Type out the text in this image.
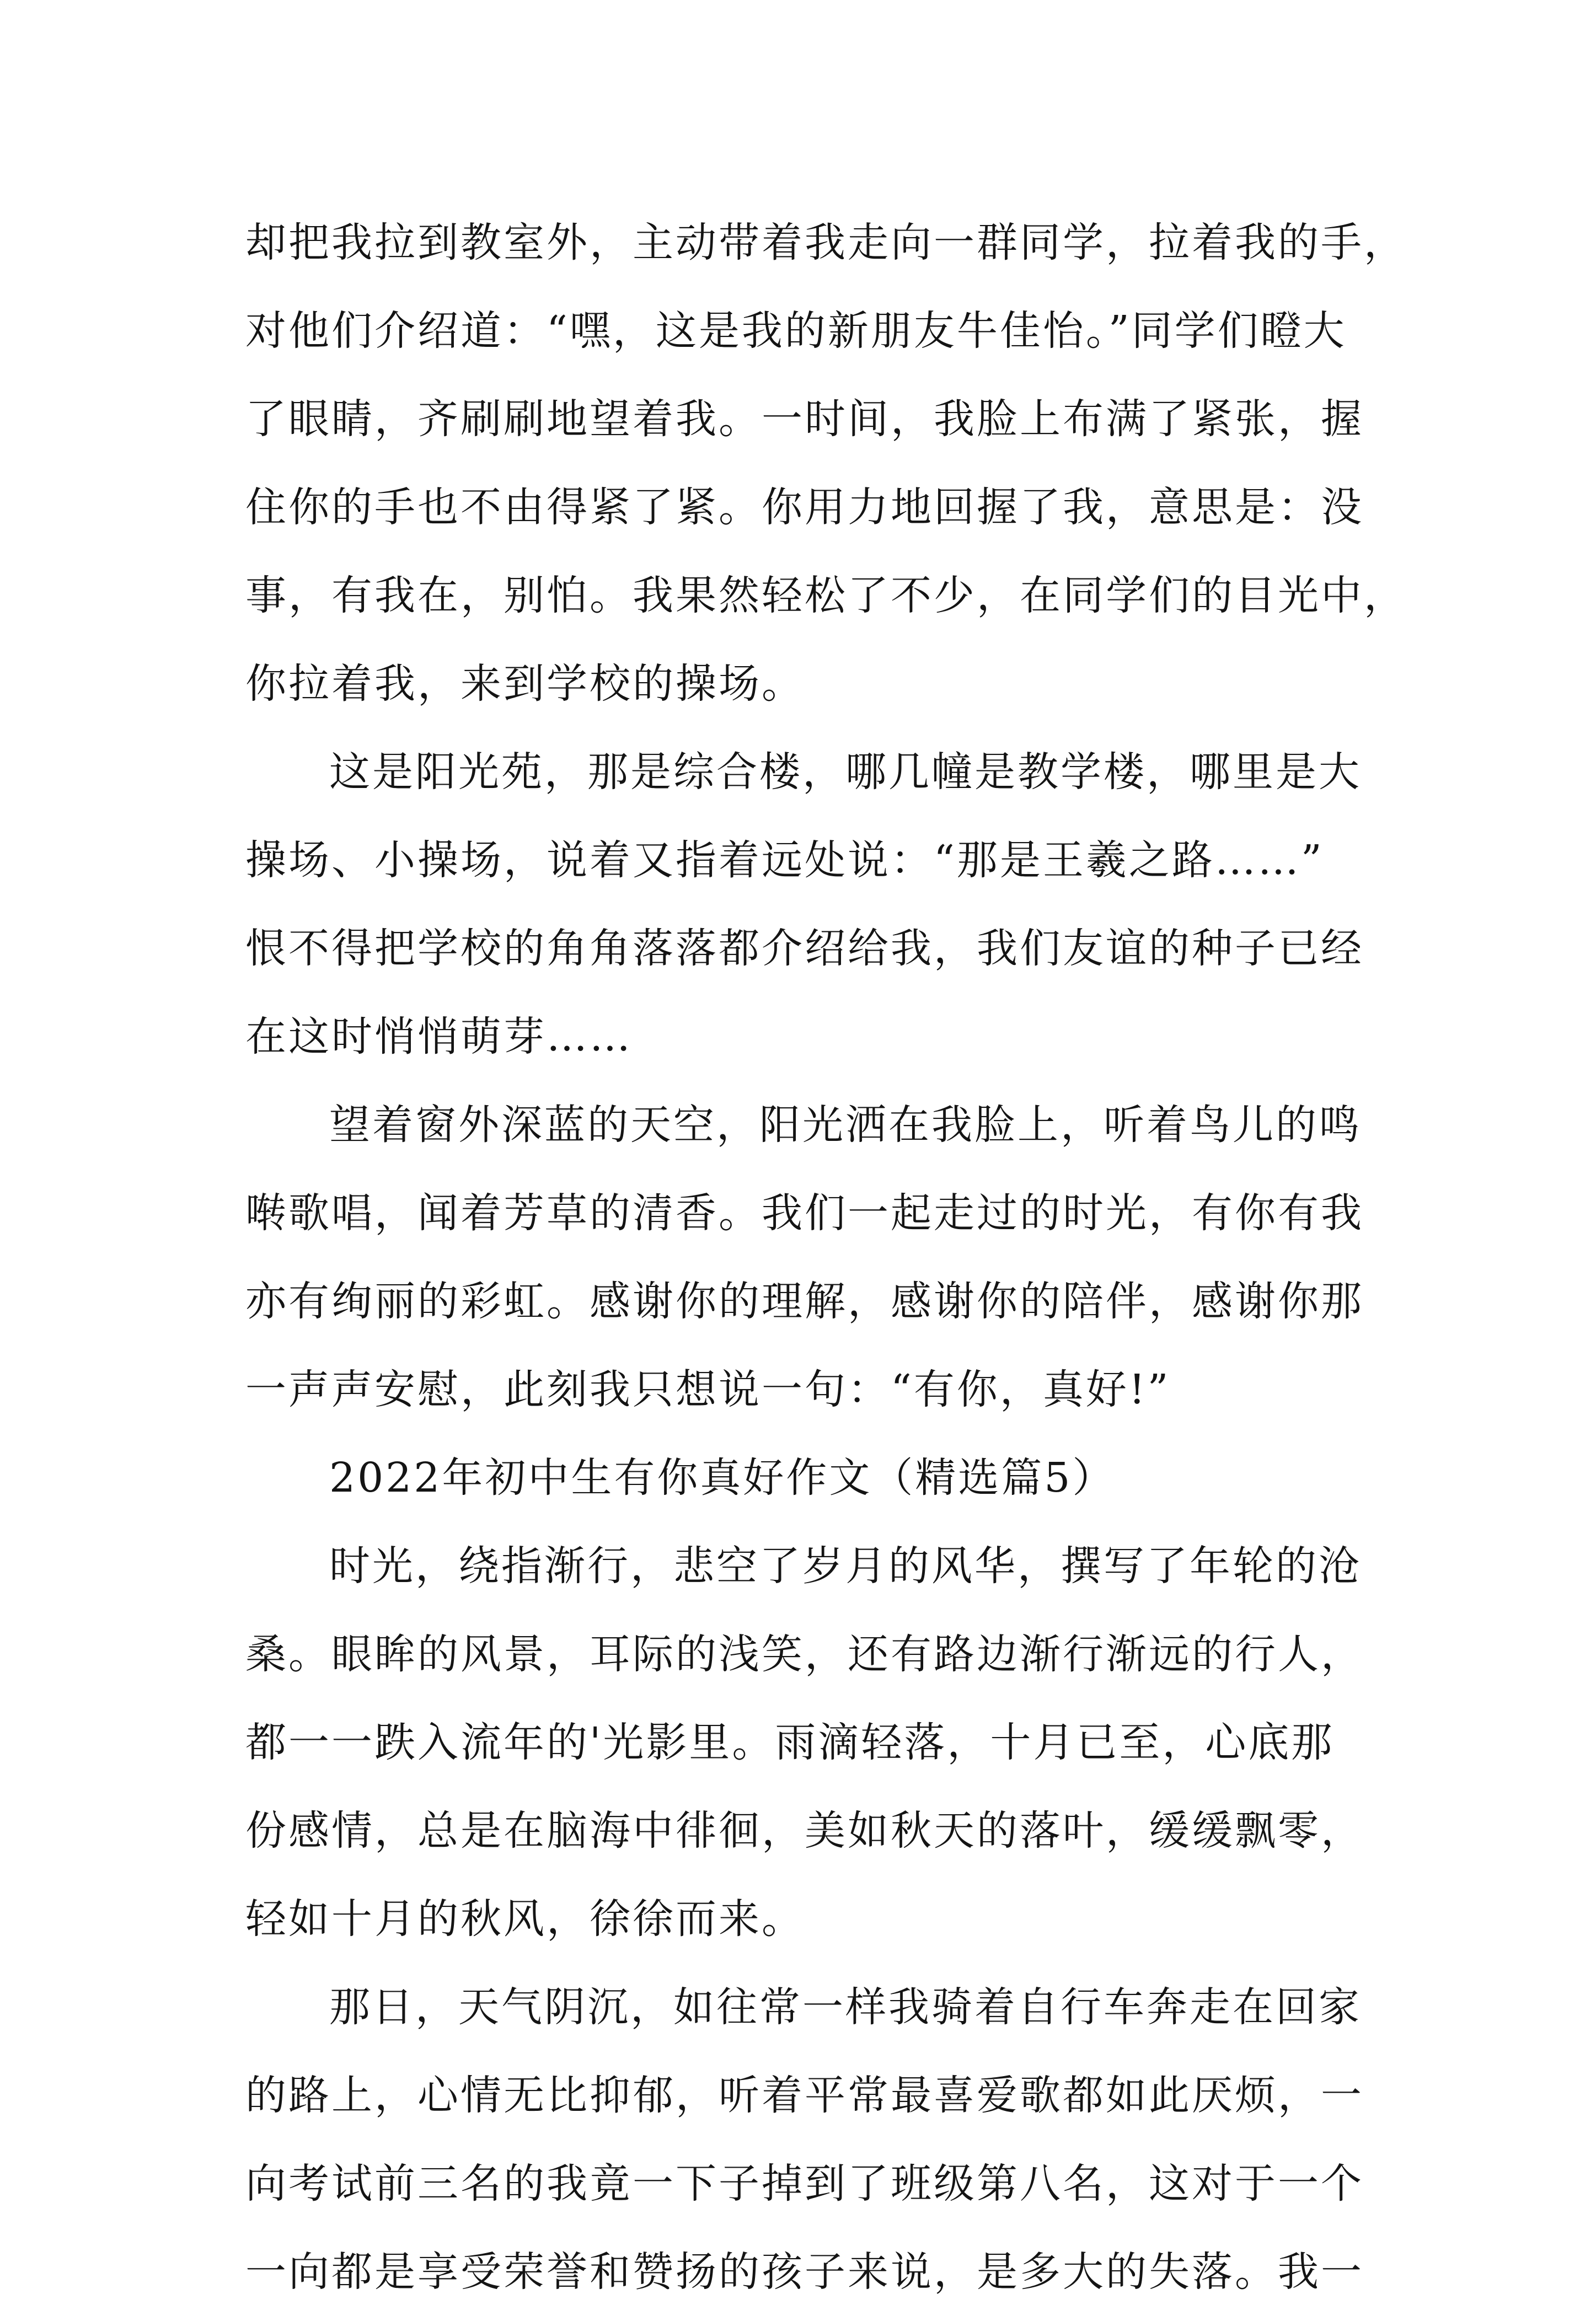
却把我拉到教室外，主动带着我走向一群同学，拉着我的手，
对他们介绍道：“嘿，这是我的新朋友牛佳怡。”同学们瞪大
了眼睛，齐刷刷地望着我。一时间，我脸上布满了紧张，握
住你的手也不由得紧了紧。你用力地回握了我，意思是：没
事，有我在，别怕。我果然轻松了不少，在同学们的目光中，
你拉着我，来到学校的操场。
这是阳光苑，那是综合楼，哪几幢是教学楼，哪里是大
操场、小操场，说着又指着远处说：“那是王羲之路……”
恨不得把学校的角角落落都介绍给我，我们友谊的种子已经
在这时悄悄萌芽……
望着窗外深蓝的天空，阳光洒在我脸上，听着鸟儿的鸣
啭歌唱，闻着芳草的清香。我们一起走过的时光，有你有我
亦有绚丽的彩虹。感谢你的理解，感谢你的陪伴，感谢你那
一声声安慰，此刻我只想说一句：“有你，真好!”
2022年初中生有你真好作文（精选篇5）
时光，绕指渐行，悲空了岁月的风华，撰写了年轮的沧
桑。眼眸的风景，耳际的浅笑，还有路边渐行渐远的行人，
都一一跌入流年的'光影里。雨滴轻落，十月已至，心底那
份感情，总是在脑海中徘徊，美如秋天的落叶，缓缓飘零，
轻如十月的秋风，徐徐而来。
那日，天气阴沉，如往常一样我骑着自行车奔走在回家
的路上，心情无比抑郁，听着平常最喜爱歌都如此厌烦，一
向考试前三名的我竟一下子掉到了班级第八名，这对于一个
一向都是享受荣誉和赞扬的孩子来说，是多大的失落。我一
